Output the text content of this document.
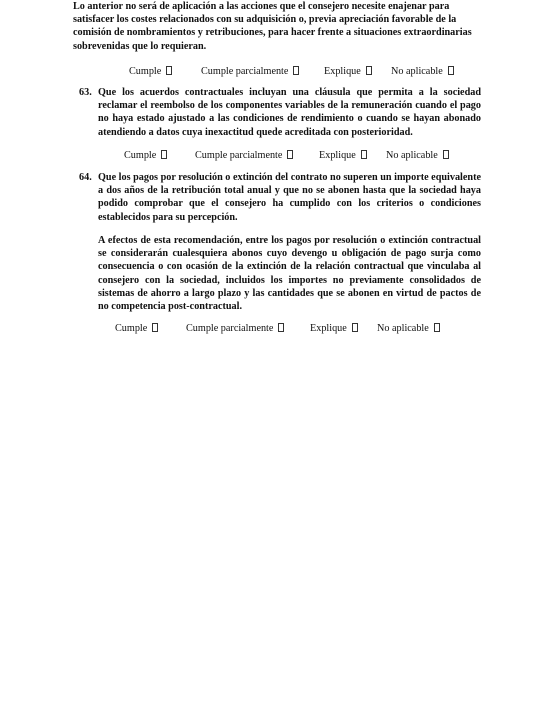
Lo anterior no será de aplicación a las acciones que el consejero necesite enajenar para satisfacer los costes relacionados con su adquisición o, previa apreciación favorable de la comisión de nombramientos y retribuciones, para hacer frente a situaciones extraordinarias sobrevenidas que lo requieran.

Cumple	Cumple parcialmente	Explique	No aplicable
63. Que los acuerdos contractuales incluyan una cláusula que permita a la sociedad reclamar el reembolso de los componentes variables de la remuneración cuando el pago no haya estado ajustado a las condiciones de rendimiento o cuando se hayan abonado atendiendo a datos cuya inexactitud quede acreditada con posterioridad.

Cumple	Cumple parcialmente	Explique	No aplicable
64. Que los pagos por resolución o extinción del contrato no superen un importe equivalente a dos años de la retribución total anual y que no se abonen hasta que la sociedad haya podido comprobar que el consejero ha cumplido con los criterios o condiciones establecidos para su percepción.

A efectos de esta recomendación, entre los pagos por resolución o extinción contractual se considerarán cualesquiera abonos cuyo devengo u obligación de pago surja como consecuencia o con ocasión de la extinción de la relación contractual que vinculaba al consejero con la sociedad, incluidos los importes no previamente consolidados de sistemas de ahorro a largo plazo y las cantidades que se abonen en virtud de pactos de no competencia post-contractual.

Cumple	Cumple parcialmente	Explique	No aplicable
